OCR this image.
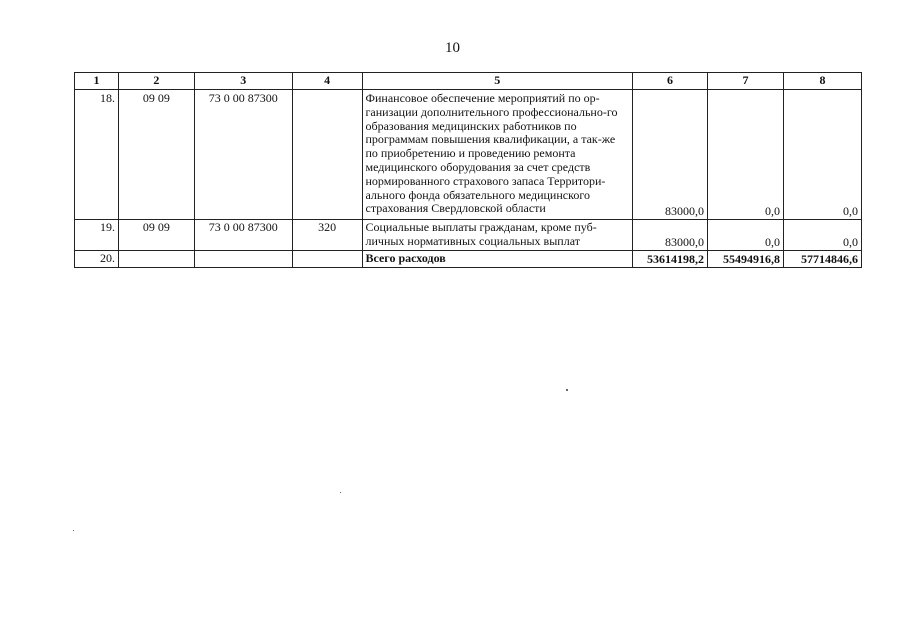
10
1	2	3	4	5	6	7	8
18.	09 09	73 0 00 87300		Финансовое обеспечение мероприятий по ор-ганизации дополнительного профессионально-го образования медицинских работников по программам повышения квалификации, а так-же по приобретению и проведению ремонта медицинского оборудования за счет средств нормированного страхового запаса Территори-ального фонда обязательного медицинского страхования Свердловской области	83000,0	0,0	0,0
19.	09 09	73 0 00 87300	320	Социальные выплаты гражданам, кроме пуб-личных нормативных социальных выплат	83000,0	0,0	0,0
20.				Всего расходов	53614198,2	55494916,8	57714846,6
